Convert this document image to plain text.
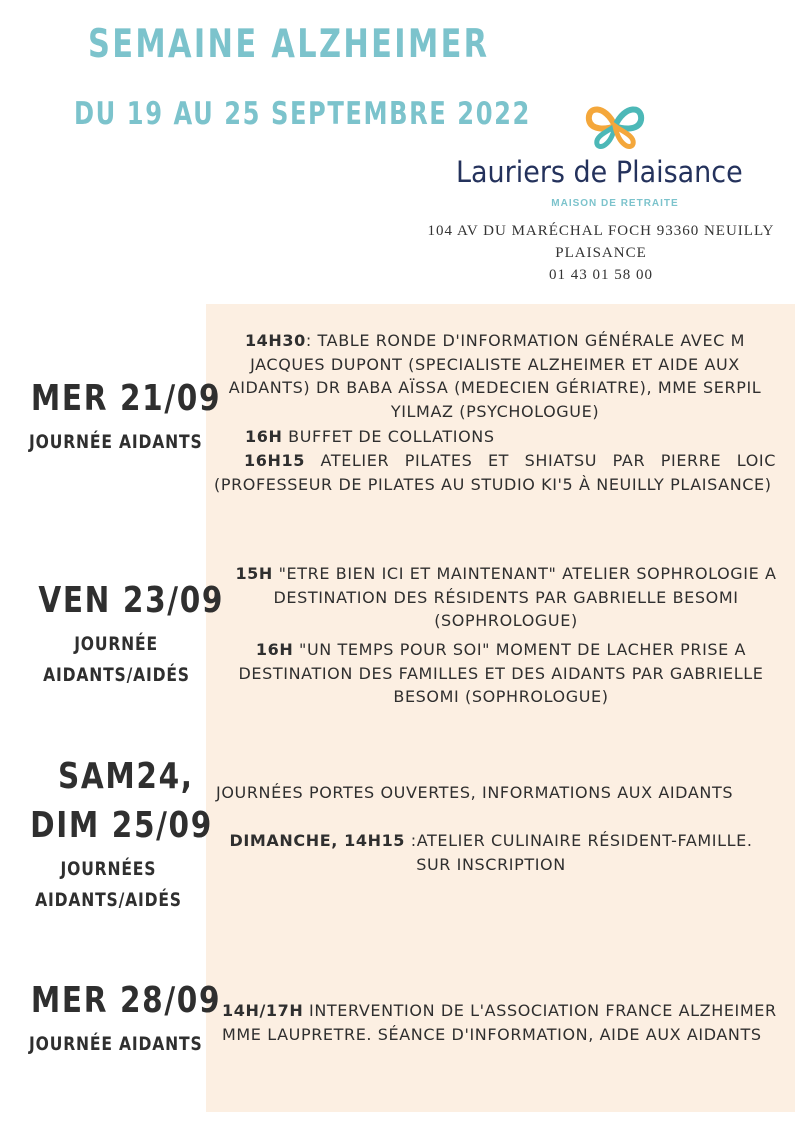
SEMAINE ALZHEIMER
DU 19 AU 25 SEPTEMBRE 2022
Lauriers de Plaisance
MAISON DE RETRAITE
104 AV DU MARÉCHAL FOCH 93360 NEUILLY
PLAISANCE
01 43 01 58 00
MER 21/09
JOURNÉE AIDANTS
14H30: TABLE RONDE D'INFORMATION GÉNÉRALE AVEC M JACQUES DUPONT (SPECIALISTE ALZHEIMER ET AIDE AUX AIDANTS) DR BABA AÏSSA (MEDECIEN GÉRIATRE), MME SERPIL YILMAZ (PSYCHOLOGUE)
16H BUFFET DE COLLATIONS
16H15 ATELIER PILATES ET SHIATSU PAR PIERRE LOIC (PROFESSEUR DE PILATES AU STUDIO KI'5 À NEUILLY PLAISANCE)
VEN 23/09
JOURNÉE
AIDANTS/AIDÉS
15H "ETRE BIEN ICI ET MAINTENANT" ATELIER SOPHROLOGIE A DESTINATION DES RÉSIDENTS PAR GABRIELLE BESOMI (SOPHROLOGUE)
16H "UN TEMPS POUR SOI" MOMENT DE LACHER PRISE A DESTINATION DES FAMILLES ET DES AIDANTS PAR GABRIELLE BESOMI (SOPHROLOGUE)
SAM24,
DIM 25/09
JOURNÉES
AIDANTS/AIDÉS
JOURNÉES PORTES OUVERTES, INFORMATIONS AUX AIDANTS
DIMANCHE, 14H15 :ATELIER CULINAIRE RÉSIDENT-FAMILLE. SUR INSCRIPTION
MER 28/09
JOURNÉE AIDANTS
14H/17H INTERVENTION DE L'ASSOCIATION FRANCE ALZHEIMER MME LAUPRETRE. SÉANCE D'INFORMATION, AIDE AUX AIDANTS
